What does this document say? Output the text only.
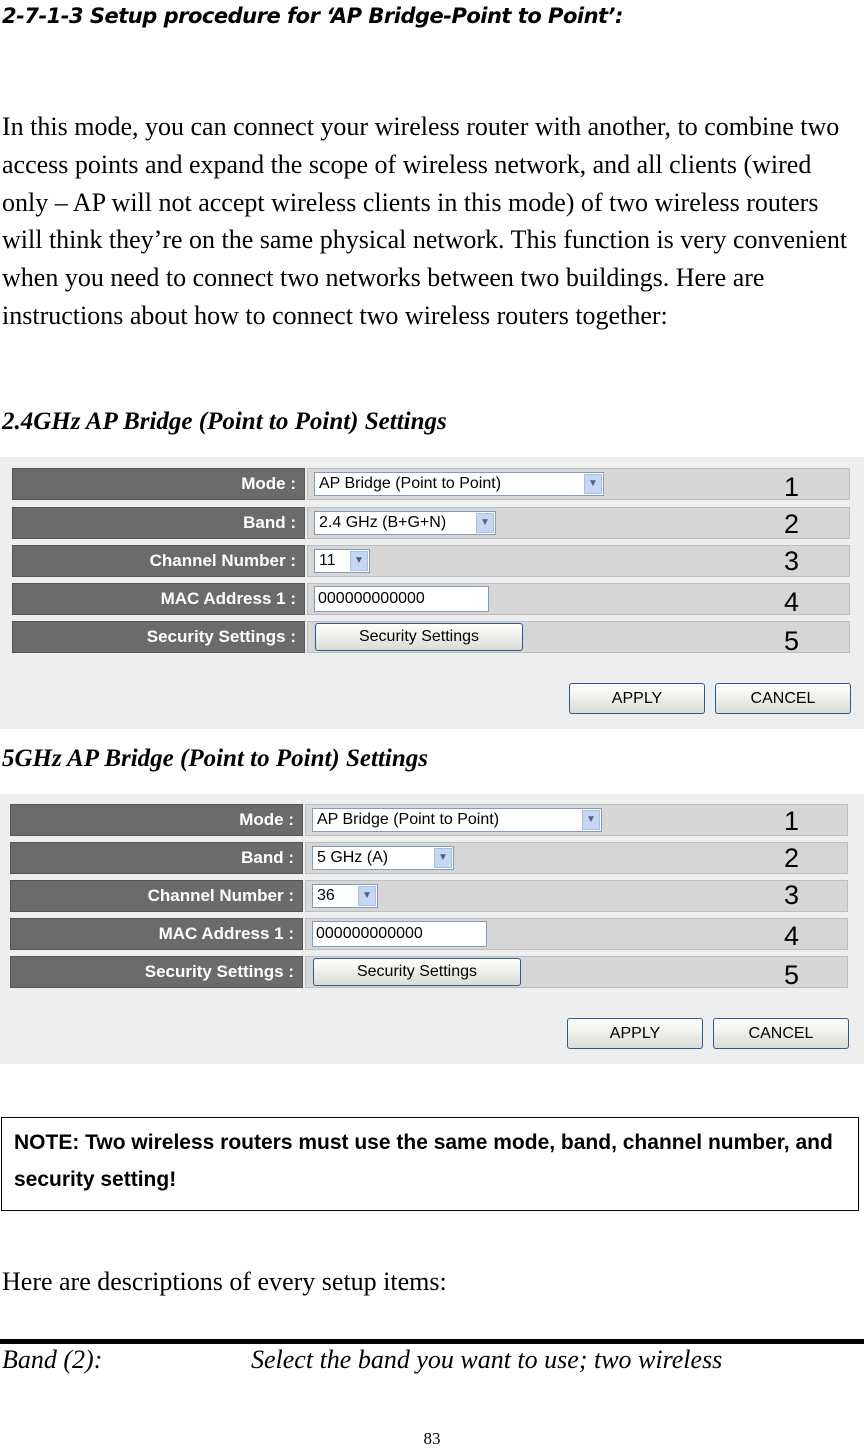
2-7-1-3 Setup procedure for ‘AP Bridge-Point to Point’:

In this mode, you can connect your wireless router with another, to combine two access points and expand the scope of wireless network, and all clients (wired only – AP will not accept wireless clients in this mode) of two wireless routers will think they’re on the same physical network. This function is very convenient when you need to connect two networks between two buildings. Here are instructions about how to connect two wireless routers together:

2.4GHz AP Bridge (Point to Point) Settings

Mode :	AP Bridge (Point to Point)	▼
Band :	2.4 GHz (B+G+N)	▼
Channel Number :	11	▼
MAC Address 1 :	000000000000
Security Settings :	Security Settings
APPLY	CANCEL
1
2
3
4
5

5GHz AP Bridge (Point to Point) Settings

Mode :	AP Bridge (Point to Point)	▼
Band :	5 GHz (A)	▼
Channel Number :	36	▼
MAC Address 1 :	000000000000
Security Settings :	Security Settings
APPLY	CANCEL
1
2
3
4
5
NOTE: Two wireless routers must use the same mode, band, channel number, and security setting!

Here are descriptions of every setup items:

Band (2):	Select the band you want to use; two wireless

83
